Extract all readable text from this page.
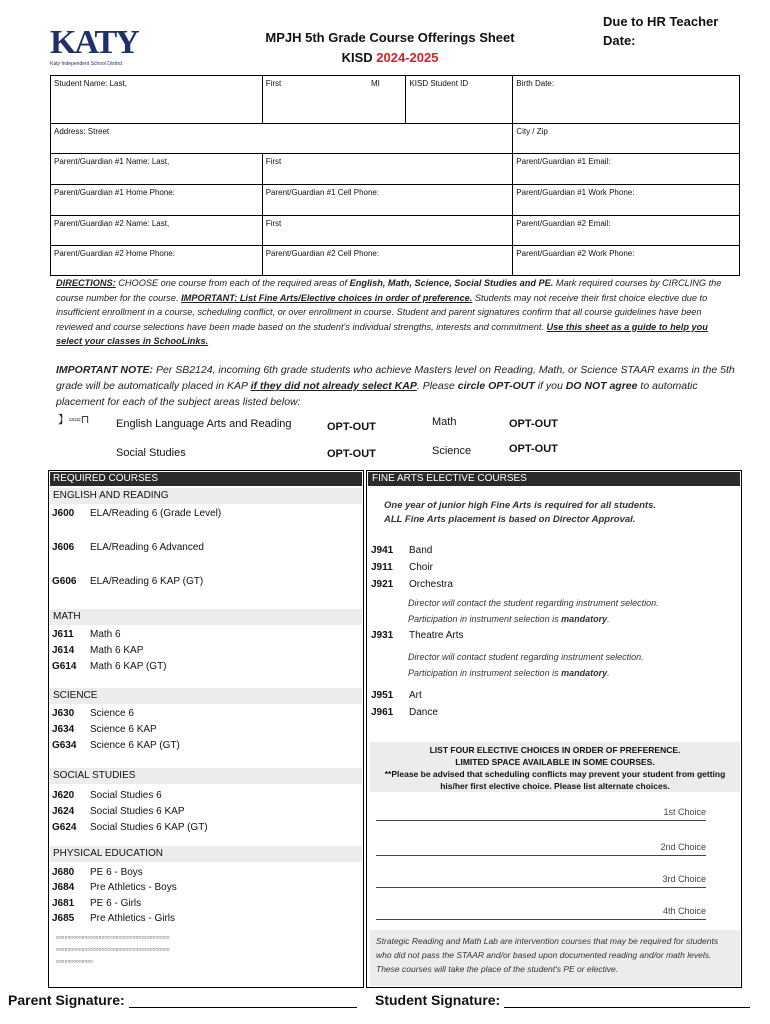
KATY
Katy Independent School District
MPJH 5th Grade Course Offerings Sheet
KISD 2024-2025
Due to HR Teacher
Date:
Student Name: Last,	First	MI	KISD Student ID	Birth Date:
Address: Street				City / Zip
Parent/Guardian #1 Name: Last,	First			Parent/Guardian #1 Email:
Parent/Guardian #1 Home Phone:	Parent/Guardian #1 Cell Phone:			Parent/Guardian #1 Work Phone:
Parent/Guardian #2 Name: Last,	First			Parent/Guardian #2 Email:
Parent/Guardian #2 Home Phone:	Parent/Guardian #2 Cell Phone:			Parent/Guardian #2 Work Phone:
DIRECTIONS: CHOOSE one course from each of the required areas of English, Math, Science, Social Studies and PE. Mark required courses by CIRCLING the course number for the course. IMPORTANT: List Fine Arts/Elective choices in order of preference. Students may not receive their first choice elective due to insufficient enrollment in a course, scheduling conflict, or over enrollment in course. Student and parent signatures confirm that all course guidelines have been reviewed and course selections have been made based on the student's individual strengths, interests and commitment. Use this sheet as a guide to help you select your classes in SchooLinks.
IMPORTANT NOTE: Per SB2124, incoming 6th grade students who achieve Masters level on Reading, Math, or Science STAAR exams in the 5th grade will be automatically placed in KAP if they did not already select KAP. Please circle OPT-OUT if you DO NOT agree to automatic placement for each of the subject areas listed below:
】▫▫▫⊓ English Language Arts and Reading	OPT-OUT	Math	OPT-OUT
Social Studies	OPT-OUT	Science	OPT-OUT
REQUIRED COURSES
ENGLISH AND READING
J600 ELA/Reading 6 (Grade Level)
J606 ELA/Reading 6 Advanced
G606 ELA/Reading 6 KAP (GT)
MATH
J611 Math 6
J614 Math 6 KAP
G614 Math 6 KAP (GT)
SCIENCE
J630 Science 6
J634 Science 6 KAP
G634 Science 6 KAP (GT)
SOCIAL STUDIES
J620 Social Studies 6
J624 Social Studies 6 KAP
G624 Social Studies 6 KAP (GT)
PHYSICAL EDUCATION
J680 PE 6 - Boys
J684 Pre Athletics - Boys
J681 PE 6 - Girls
J685 Pre Athletics - Girls
▫▫▫▫▫▫▫▫▫▫▫▫▫▫▫▫▫▫▫▫▫▫▫▫▫▫▫▫▫▫▫▫▫▫▫▫▫▫▫▫
▫▫▫▫▫▫▫▫▫▫▫▫▫▫▫▫▫▫▫▫▫▫▫▫▫▫▫▫▫▫▫▫▫▫▫▫▫▫▫▫
▫▫▫▫▫▫▫▫▫▫▫▫▫
FINE ARTS ELECTIVE COURSES
One year of junior high Fine Arts is required for all students.
ALL Fine Arts placement is based on Director Approval.
J941 Band
J911 Choir
J921 Orchestra
Director will contact the student regarding instrument selection.
Participation in instrument selection is mandatory.
J931 Theatre Arts
Director will contact student regarding instrument selection.
Participation in instrument selection is mandatory.
J951 Art
J961 Dance
LIST FOUR ELECTIVE CHOICES IN ORDER OF PREFERENCE.
LIMITED SPACE AVAILABLE IN SOME COURSES.
**Please be advised that scheduling conflicts may prevent your student from getting
his/her first elective choice. Please list alternate choices.
1st Choice
2nd Choice
3rd Choice
4th Choice
Strategic Reading and Math Lab are intervention courses that may be required for students who did not pass the STAAR and/or based upon documented reading and/or math levels. These courses will take the place of the student's PE or elective.
Parent Signature:	Student Signature:
